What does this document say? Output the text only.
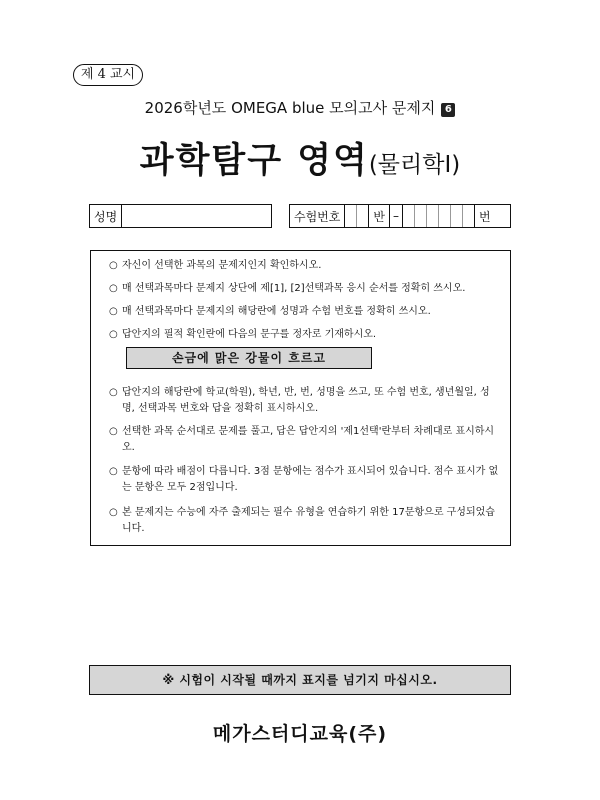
제 4 교시
2026학년도 OMEGA blue 모의고사 문제지 6
과학탐구 영역(물리학Ⅰ)
성명	수험번호	반 –	번
○ 자신이 선택한 과목의 문제지인지 확인하시오.
○ 매 선택과목마다 문제지 상단에 제[1], [2]선택과목 응시 순서를 정확히 쓰시오.
○ 매 선택과목마다 문제지의 해당란에 성명과 수험 번호를 정확히 쓰시오.
○ 답안지의 필적 확인란에 다음의 문구를 정자로 기재하시오.
손금에 맑은 강물이 흐르고
○ 답안지의 해당란에 학교(학원), 학년, 반, 번, 성명을 쓰고, 또 수험 번호, 생년월일, 성명, 선택과목 번호와 답을 정확히 표시하시오.
○ 선택한 과목 순서대로 문제를 풀고, 답은 답안지의 '제1선택'란부터 차례대로 표시하시오.
○ 문항에 따라 배점이 다릅니다. 3점 문항에는 점수가 표시되어 있습니다. 점수 표시가 없는 문항은 모두 2점입니다.
○ 본 문제지는 수능에 자주 출제되는 필수 유형을 연습하기 위한 17문항으로 구성되었습니다.
※ 시험이 시작될 때까지 표지를 넘기지 마십시오.
메가스터디교육(주)
